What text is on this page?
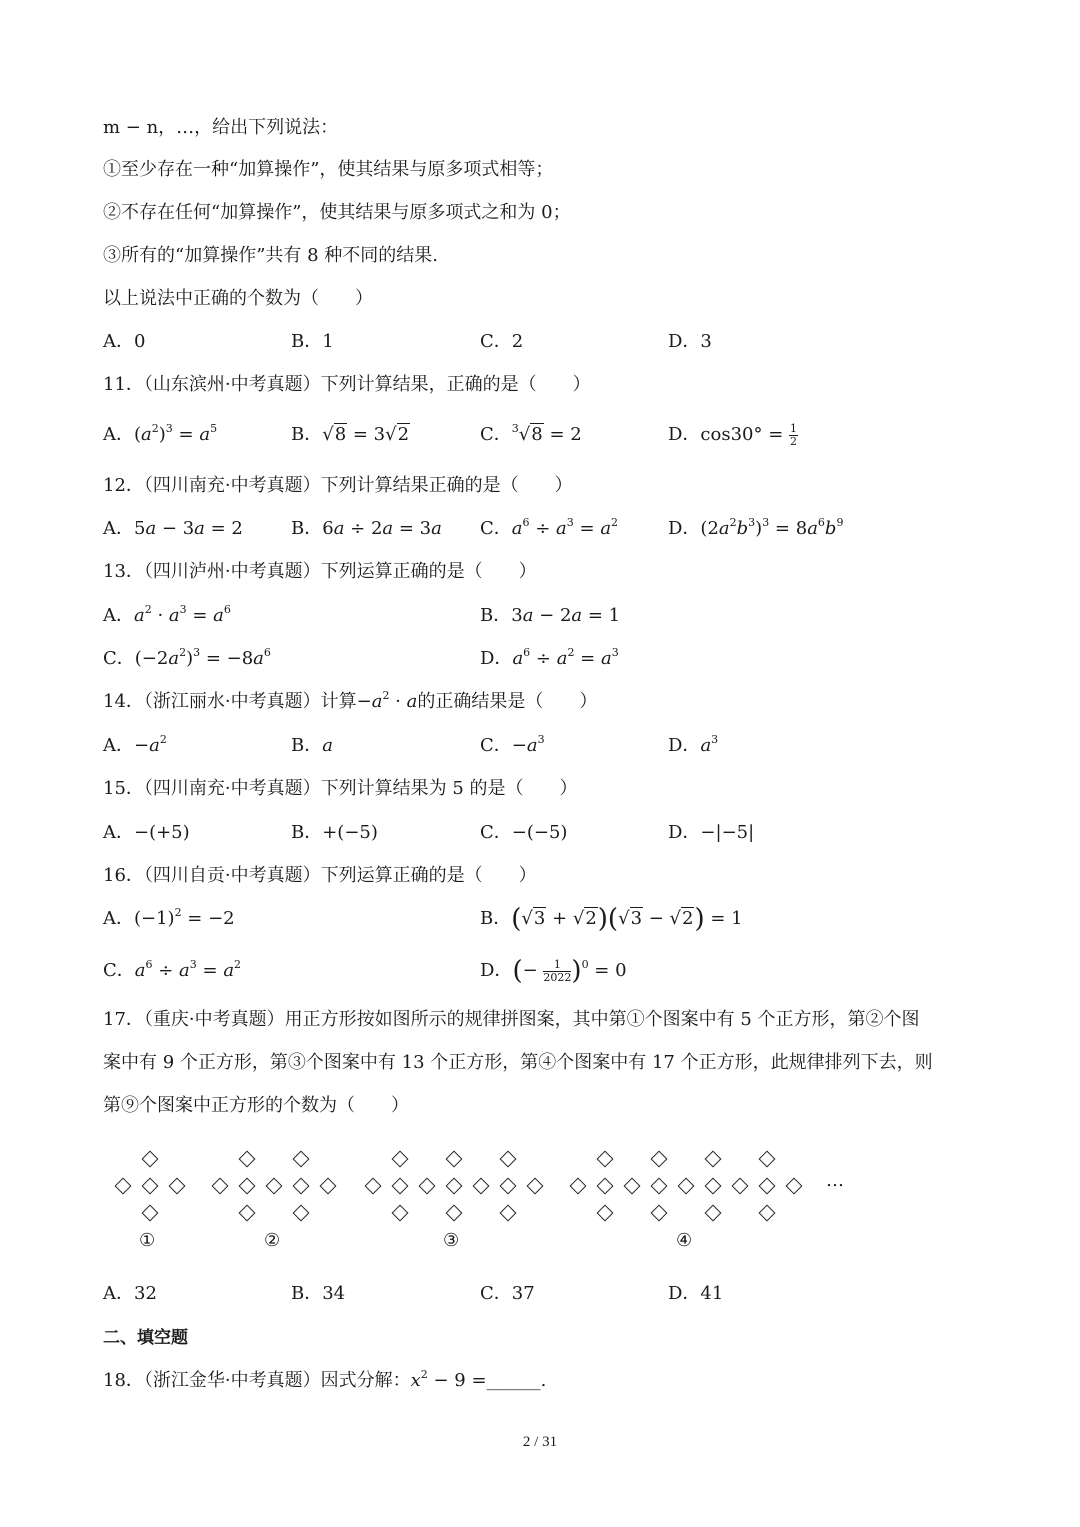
m − n，…，给出下列说法：
①至少存在一种“加算操作”，使其结果与原多项式相等；
②不存在任何“加算操作”，使其结果与原多项式之和为 0；
③所有的“加算操作”共有 8 种不同的结果.
以上说法中正确的个数为（　　）
A．0	B．1	C．2	D．3
11．（山东滨州·中考真题）下列计算结果，正确的是（　　）
A．$(a^2)^3 = a^5$	B．√8 = 3√2	C．$^3$√8 = 2	D．$\cos 30^\circ = \frac{1}{2}$
12．（四川南充·中考真题）下列计算结果正确的是（　　）
A．5a − 3a = 2	B．6a ÷ 2a = 3a C．$a^6 \div a^3 = a^2$	D．$(2a^2b^3)^3 = 8a^6b^9$
13．（四川泸州·中考真题）下列运算正确的是（　　）
A．$a^2 \cdot a^3 = a^6$	B．3a − 2a = 1
C．$(-2a^2)^3 = -8a^6$	D．$a^6 \div a^2 = a^3$
14．（浙江丽水·中考真题）计算$-a^2 \cdot a$的正确结果是（　　）
A．$-a^2$	B．a	C．$-a^3$	D．$a^3$
15．（四川南充·中考真题）下列计算结果为 5 的是（　　）
A．−(+5)	B．+(−5)	C．−(−5)	D．−|−5|
16．（四川自贡·中考真题）下列运算正确的是（　　）
A．$(-1)^2 = -2$	B．(√3 + √2)(√3 − √2) = 1
C．$a^6 \div a^3 = a^2$	D．(− $\frac{1}{2022} )^0 = 0$
17．（重庆·中考真题）用正方形按如图所示的规律拼图案，其中第①个图案中有 5 个正方形，第②个图
案中有 9 个正方形，第③个图案中有 13 个正方形，第④个图案中有 17 个正方形，此规律排列下去，则
第⑨个图案中正方形的个数为（　　）
…
①	②	③	④
A．32	B．34	C．37	D．41
二、填空题
18．（浙江金华·中考真题）因式分解：$x^2 - 9$ =______.
2 / 31
